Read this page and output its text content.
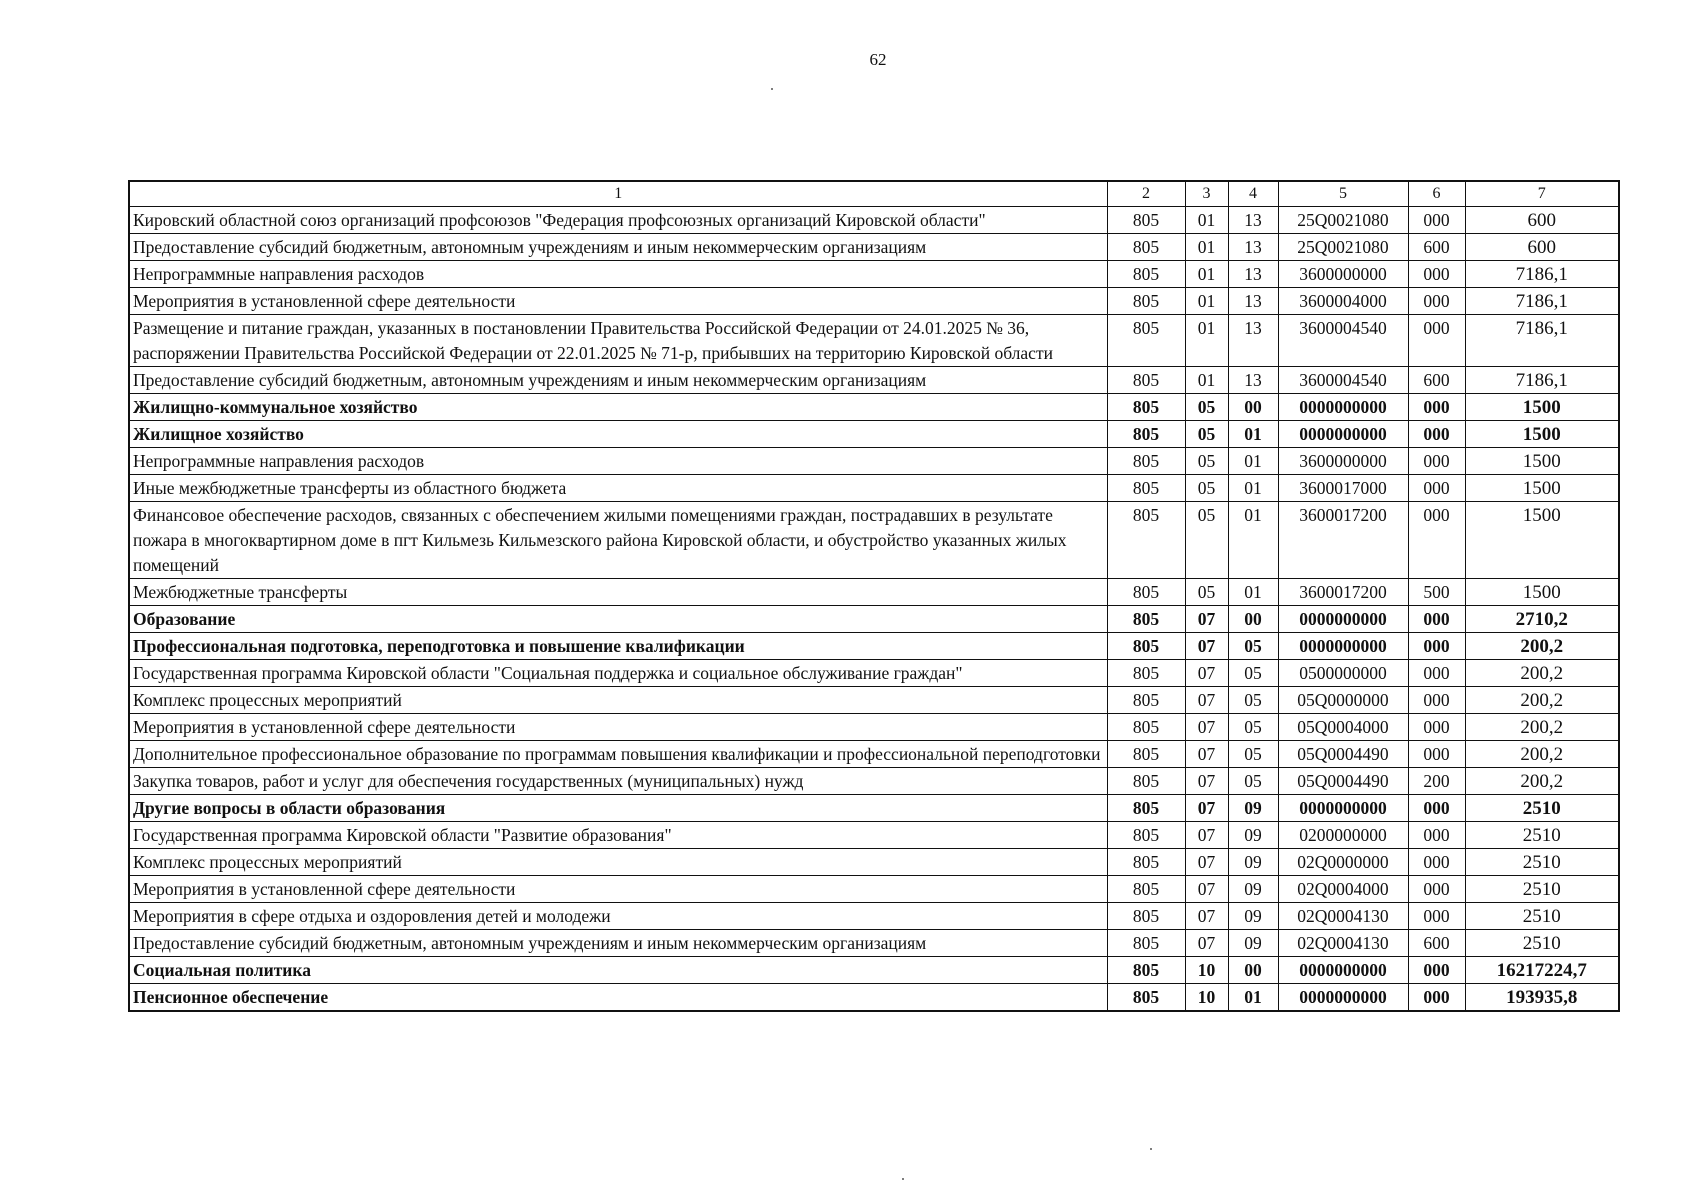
62
1	2	3	4	5	6	7
Кировский областной союз организаций профсоюзов "Федерация профсоюзных организаций Кировской области"	805	01	13	25Q0021080	000	600
Предоставление субсидий бюджетным, автономным учреждениям и иным некоммерческим организациям	805	01	13	25Q0021080	600	600
Непрограммные направления расходов	805	01	13	3600000000	000	7186,1
Мероприятия в установленной сфере деятельности	805	01	13	3600004000	000	7186,1
Размещение и питание граждан, указанных в постановлении Правительства Российской Федерации от 24.01.2025 № 36, распоряжении Правительства Российской Федерации от 22.01.2025 № 71-р, прибывших на территорию Кировской области	805	01	13	3600004540	000	7186,1
Предоставление субсидий бюджетным, автономным учреждениям и иным некоммерческим организациям	805	01	13	3600004540	600	7186,1
Жилищно-коммунальное хозяйство	805	05	00	0000000000	000	1500
Жилищное хозяйство	805	05	01	0000000000	000	1500
Непрограммные направления расходов	805	05	01	3600000000	000	1500
Иные межбюджетные трансферты из областного бюджета	805	05	01	3600017000	000	1500
Финансовое обеспечение расходов, связанных с обеспечением жилыми помещениями граждан, пострадавших в результате пожара в многоквартирном доме в пгт Кильмезь Кильмезского района Кировской области, и обустройство указанных жилых помещений	805	05	01	3600017200	000	1500
Межбюджетные трансферты	805	05	01	3600017200	500	1500
Образование	805	07	00	0000000000	000	2710,2
Профессиональная подготовка, переподготовка и повышение квалификации	805	07	05	0000000000	000	200,2
Государственная программа Кировской области "Социальная поддержка и социальное обслуживание граждан"	805	07	05	0500000000	000	200,2
Комплекс процессных мероприятий	805	07	05	05Q0000000	000	200,2
Мероприятия в установленной сфере деятельности	805	07	05	05Q0004000	000	200,2
Дополнительное профессиональное образование по программам повышения квалификации и профессиональной переподготовки	805	07	05	05Q0004490	000	200,2
Закупка товаров, работ и услуг для обеспечения государственных (муниципальных) нужд	805	07	05	05Q0004490	200	200,2
Другие вопросы в области образования	805	07	09	0000000000	000	2510
Государственная программа Кировской области "Развитие образования"	805	07	09	0200000000	000	2510
Комплекс процессных мероприятий	805	07	09	02Q0000000	000	2510
Мероприятия в установленной сфере деятельности	805	07	09	02Q0004000	000	2510
Мероприятия в сфере отдыха и оздоровления детей и молодежи	805	07	09	02Q0004130	000	2510
Предоставление субсидий бюджетным, автономным учреждениям и иным некоммерческим организациям	805	07	09	02Q0004130	600	2510
Социальная политика	805	10	00	0000000000	000	16217224,7
Пенсионное обеспечение	805	10	01	0000000000	000	193935,8
